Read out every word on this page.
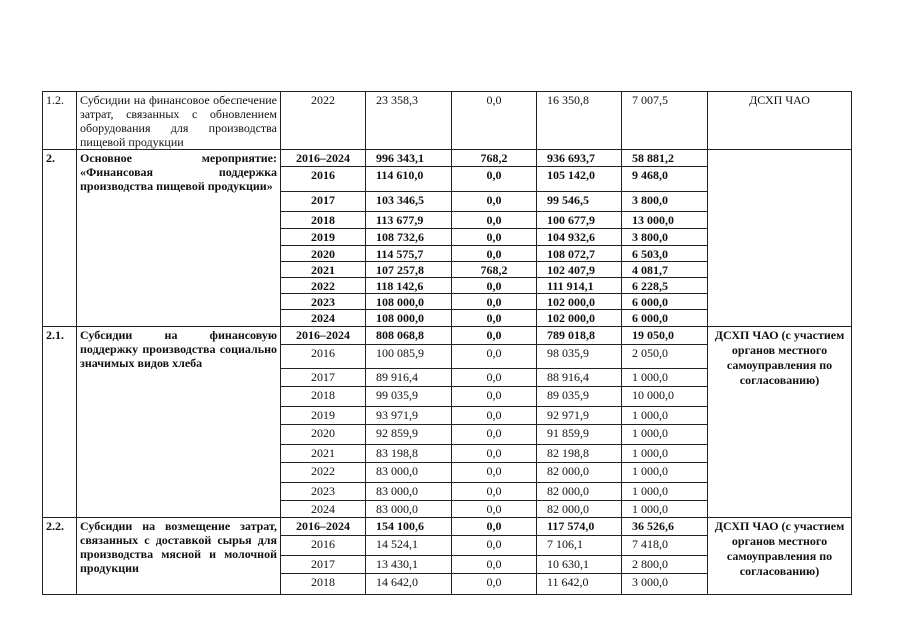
1.2.	Субсидии на финансовое обеспечение затрат, связанных с обновлением оборудования для производства пищевой продукции	2022	23 358,3	0,0	16 350,8	7 007,5	ДСХП ЧАО
2.	Основное мероприятие: «Финансовая поддержка производства пищевой продукции»	2016–2024	996 343,1	768,2	936 693,7	58 881,2	
		2016	114 610,0	0,0	105 142,0	9 468,0	
		2017	103 346,5	0,0	99 546,5	3 800,0	
		2018	113 677,9	0,0	100 677,9	13 000,0	
		2019	108 732,6	0,0	104 932,6	3 800,0	
		2020	114 575,7	0,0	108 072,7	6 503,0	
		2021	107 257,8	768,2	102 407,9	4 081,7	
		2022	118 142,6	0,0	111 914,1	6 228,5	
		2023	108 000,0	0,0	102 000,0	6 000,0	
		2024	108 000,0	0,0	102 000,0	6 000,0	
2.1.	Субсидии на финансовую поддержку производства социально значимых видов хлеба	2016–2024	808 068,8	0,0	789 018,8	19 050,0	ДСХП ЧАО (с участием органов местного самоуправления по согласованию)
		2016	100 085,9	0,0	98 035,9	2 050,0	
		2017	89 916,4	0,0	88 916,4	1 000,0	
		2018	99 035,9	0,0	89 035,9	10 000,0	
		2019	93 971,9	0,0	92 971,9	1 000,0	
		2020	92 859,9	0,0	91 859,9	1 000,0	
		2021	83 198,8	0,0	82 198,8	1 000,0	
		2022	83 000,0	0,0	82 000,0	1 000,0	
		2023	83 000,0	0,0	82 000,0	1 000,0	
		2024	83 000,0	0,0	82 000,0	1 000,0	
2.2.	Субсидии на возмещение затрат, связанных с доставкой сырья для производства мясной и молочной продукции	2016–2024	154 100,6	0,0	117 574,0	36 526,6	ДСХП ЧАО (с участием органов местного самоуправления по согласованию)
		2016	14 524,1	0,0	7 106,1	7 418,0	
		2017	13 430,1	0,0	10 630,1	2 800,0	
		2018	14 642,0	0,0	11 642,0	3 000,0	
